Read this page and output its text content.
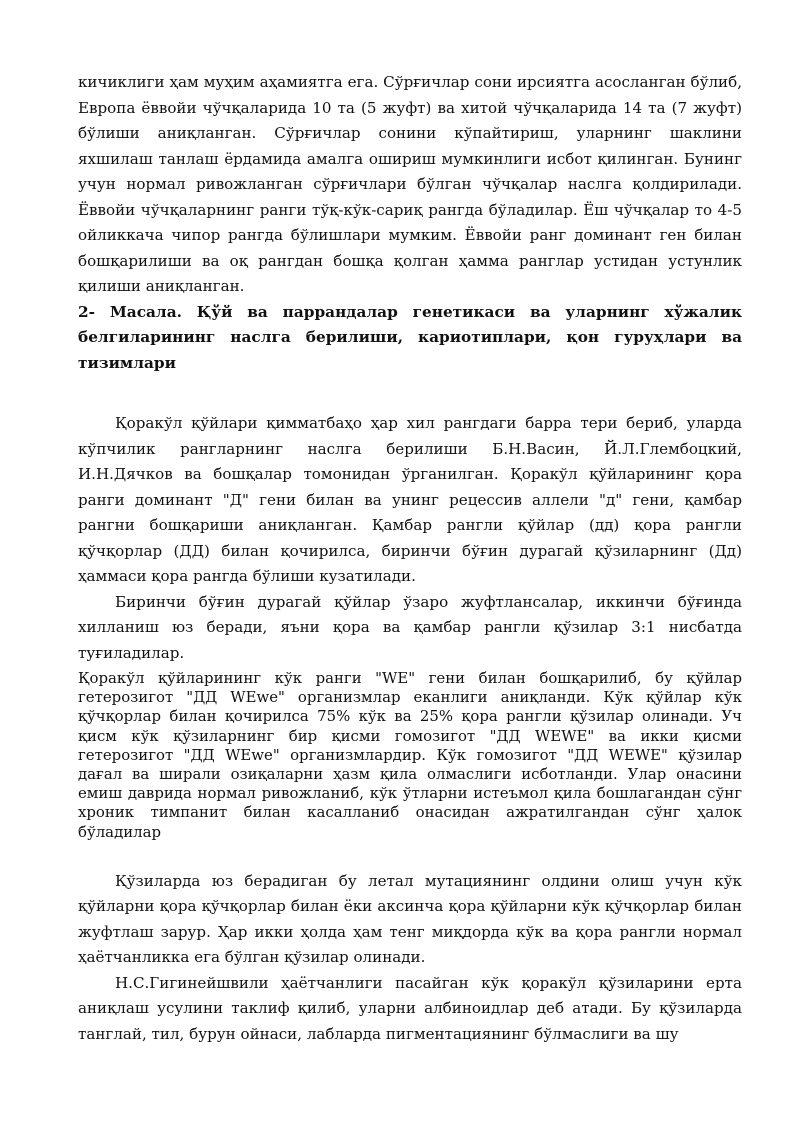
кичиклиги ҳам муҳим аҳамиятга ега. Сўрғичлар сони ирсиятга асосланган бўлиб, Европа ёввойи чўчқаларида 10 та (5 жуфт) ва хитой чўчқаларида 14 та (7 жуфт) бўлиши аниқланган. Сўрғичлар сонини кўпайтириш, уларнинг шаклини яхшилаш танлаш ёрдамида амалга ошириш мумкинлиги исбот қилинган. Бунинг учун нормал ривожланган сўрғичлари бўлган чўчқалар наслга қолдирилади. Ёввойи чўчқаларнинг ранги тўқ-кўк-сариқ рангда бўладилар. Ёш чўчқалар то 4-5 ойликкача чипор рангда бўлишлари мумким. Ёввойи ранг доминант ген билан бошқарилиши ва оқ рангдан бошқа қолган ҳамма ранглар устидан устунлик қилиши аниқланган.

2- Масала. Қўй ва паррандалар генетикаси ва уларнинг хўжалик белгиларининг наслга берилиши, кариотиплари, қон гуруҳлари ва тизимлари

Қоракўл қўйлари қимматбаҳо ҳар хил рангдаги барра тери бериб, уларда кўпчилик рангларнинг наслга берилиши Б.Н.Васин, Й.Л.Глембоцкий, И.Н.Дячков ва бошқалар томонидан ўрганилган. Қоракўл қўйларининг қора ранги доминант "Д" гени билан ва унинг рецессив аллели "д" гени, қамбар рангни бошқариши аниқланган. Қамбар рангли қўйлар (дд) қора рангли қўчқорлар (ДД) билан қочирилса, биринчи бўғин дурагай қўзиларнинг (Дд) ҳаммаси қора рангда бўлиши кузатилади.

Биринчи бўғин дурагай қўйлар ўзаро жуфтлансалар, иккинчи бўғинда хилланиш юз беради, яъни қора ва қамбар рангли қўзилар 3:1 нисбатда туғиладилар.

Қоракўл қўйларининг кўк ранги "WE" гени билан бошқарилиб, бу қўйлар гетерозигот "ДД WEwe" организмлар еканлиги аниқланди. Кўк қўйлар кўк қўчқорлар билан қочирилса 75% кўк ва 25% қора рангли қўзилар олинади. Уч қисм кўк қўзиларнинг бир қисми гомозигот "ДД WEWE" ва икки қисми гетерозигот "ДД WEwe" организмлардир. Кўк гомозигот "ДД WEWE" қўзилар дағал ва ширали озиқаларни ҳазм қила олмаслиги исботланди. Улар онасини емиш даврида нормал ривожланиб, кўк ўтларни истеъмол қила бошлагандан сўнг хроник тимпанит билан касалланиб онасидан ажратилгандан сўнг ҳалок бўладилар

Қўзиларда юз берадиган бу летал мутациянинг олдини олиш учун кўк қўйларни қора қўчқорлар билан ёки аксинча қора қўйларни кўк қўчқорлар билан жуфтлаш зарур. Ҳар икки ҳолда ҳам тенг миқдорда кўк ва қора рангли нормал ҳаётчанликка ега бўлган қўзилар олинади.

Н.С.Гигинейшвили ҳаётчанлиги пасайган кўк қоракўл қўзиларини ерта аниқлаш усулини таклиф қилиб, уларни албиноидлар деб атади. Бу қўзиларда танглай, тил, бурун ойнаси, лабларда пигментациянинг бўлмаслиги ва шу
